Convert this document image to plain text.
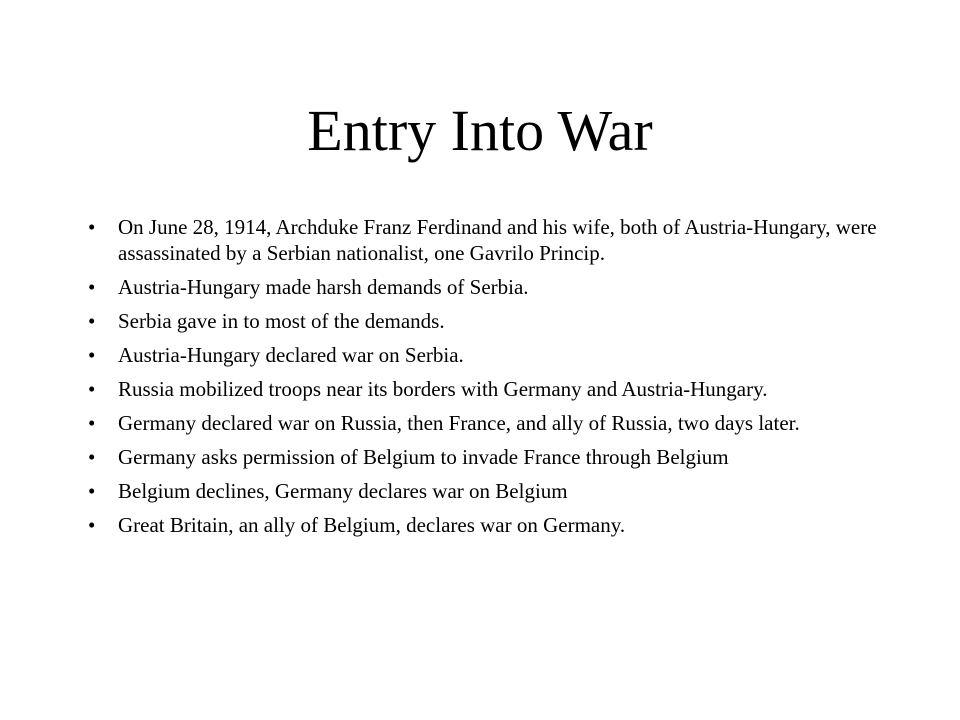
Entry Into War
•	On June 28, 1914, Archduke Franz Ferdinand and his wife, both of Austria-Hungary, were assassinated by a Serbian nationalist, one Gavrilo Princip.
•	Austria-Hungary made harsh demands of Serbia.
•	Serbia gave in to most of the demands.
•	Austria-Hungary declared war on Serbia.
•	Russia mobilized troops near its borders with Germany and Austria-Hungary.
•	Germany declared war on Russia, then France, and ally of Russia, two days later.
•	Germany asks permission of Belgium to invade France through Belgium
•	Belgium declines, Germany declares war on Belgium
•	Great Britain, an ally of Belgium, declares war on Germany.
